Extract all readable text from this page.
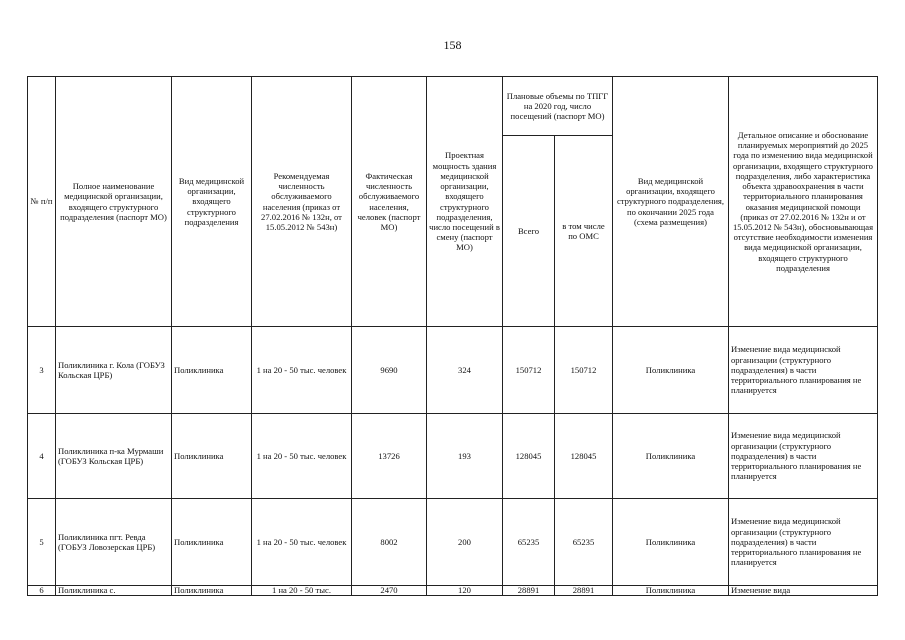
158
№ п/п	Полное наименование медицинской организации, входящего структурного подразделения (паспорт МО)	Вид медицинской организации, входящего структурного подразделения	Рекомендуемая численность обслуживаемого населения (приказ от 27.02.2016 № 132н, от 15.05.2012 № 543н)	Фактическая численность обслуживаемого населения, человек (паспорт МО)	Проектная мощность здания медицинской организации, входящего структурного подразделения, число посещений в смену (паспорт МО)	Плановые объемы по ТПГГ на 2020 год, число посещений (паспорт МО)		Вид медицинской организации, входящего структурного подразделения, по окончании 2025 года (схема размещения)	Детальное описание и обоснование планируемых мероприятий до 2025 года по изменению вида медицинской организации, входящего структурного подразделения, либо характеристика объекта здравоохранения в части территориального планирования оказания медицинской помощи (приказ от 27.02.2016 № 132н и от 15.05.2012 № 543н), обосновывающая отсутствие необходимости изменения вида медицинской организации, входящего структурного подразделения
						Всего	в том числе по ОМС		
3	Поликлиника г. Кола (ГОБУЗ Кольская ЦРБ)	Поликлиника	1 на 20 - 50 тыс. человек	9690	324	150712	150712	Поликлиника	Изменение вида медицинской организации (структурного подразделения) в части территориального планирования не планируется
4	Поликлиника п-ка Мурмаши (ГОБУЗ Кольская ЦРБ)	Поликлиника	1 на 20 - 50 тыс. человек	13726	193	128045	128045	Поликлиника	Изменение вида медицинской организации (структурного подразделения) в части территориального планирования не планируется
5	Поликлиника пгт. Ревда (ГОБУЗ Ловозерская ЦРБ)	Поликлиника	1 на 20 - 50 тыс. человек	8002	200	65235	65235	Поликлиника	Изменение вида медицинской организации (структурного подразделения) в части территориального планирования не планируется
6	Поликлиника с.	Поликлиника	1 на 20 - 50 тыс.	2470	120	28891	28891	Поликлиника	Изменение вида
